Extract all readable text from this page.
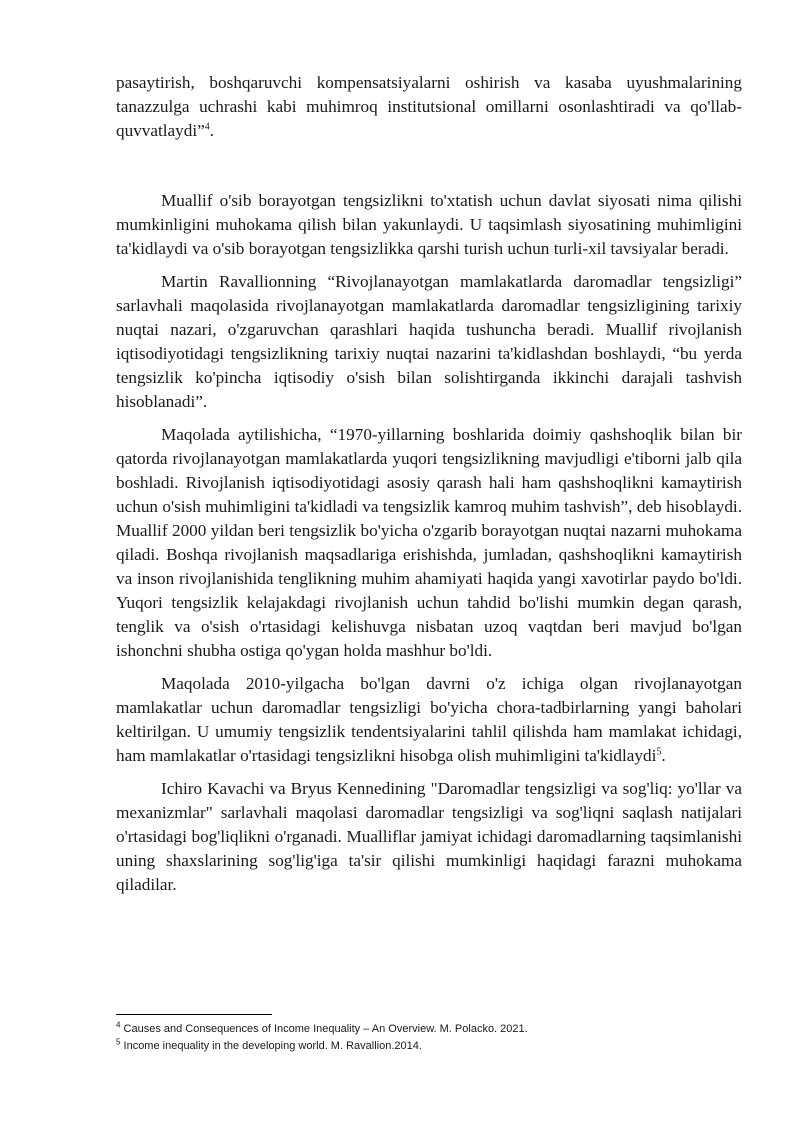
pasaytirish, boshqaruvchi kompensatsiyalarni oshirish va kasaba uyushmalarining tanazzulga uchrashi kabi muhimroq institutsional omillarni osonlashtiradi va qo'llab-quvvatlaydi”$^4$.

Muallif o'sib borayotgan tengsizlikni to'xtatish uchun davlat siyosati nima qilishi mumkinligini muhokama qilish bilan yakunlaydi. U taqsimlash siyosatining muhimligini ta'kidlaydi va o'sib borayotgan tengsizlikka qarshi turish uchun turli-xil tavsiyalar beradi.

Martin Ravallionning “Rivojlanayotgan mamlakatlarda daromadlar tengsizligi” sarlavhali maqolasida rivojlanayotgan mamlakatlarda daromadlar tengsizligining tarixiy nuqtai nazari, o'zgaruvchan qarashlari haqida tushuncha beradi. Muallif rivojlanish iqtisodiyotidagi tengsizlikning tarixiy nuqtai nazarini ta'kidlashdan boshlaydi, “bu yerda tengsizlik ko'pincha iqtisodiy o'sish bilan solishtirganda ikkinchi darajali tashvish hisoblanadi”.

Maqolada aytilishicha, “1970-yillarning boshlarida doimiy qashshoqlik bilan bir qatorda rivojlanayotgan mamlakatlarda yuqori tengsizlikning mavjudligi e'tiborni jalb qila boshladi. Rivojlanish iqtisodiyotidagi asosiy qarash hali ham qashshoqlikni kamaytirish uchun o'sish muhimligini ta'kidladi va tengsizlik kamroq muhim tashvish”, deb hisoblaydi. Muallif 2000 yildan beri tengsizlik bo'yicha o'zgarib borayotgan nuqtai nazarni muhokama qiladi. Boshqa rivojlanish maqsadlariga erishishda, jumladan, qashshoqlikni kamaytirish va inson rivojlanishida tenglikning muhim ahamiyati haqida yangi xavotirlar paydo bo'ldi. Yuqori tengsizlik kelajakdagi rivojlanish uchun tahdid bo'lishi mumkin degan qarash, tenglik va o'sish o'rtasidagi kelishuvga nisbatan uzoq vaqtdan beri mavjud bo'lgan ishonchni shubha ostiga qo'ygan holda mashhur bo'ldi.

Maqolada 2010-yilgacha bo'lgan davrni o'z ichiga olgan rivojlanayotgan mamlakatlar uchun daromadlar tengsizligi bo'yicha chora-tadbirlarning yangi baholari keltirilgan. U umumiy tengsizlik tendentsiyalarini tahlil qilishda ham mamlakat ichidagi, ham mamlakatlar o'rtasidagi tengsizlikni hisobga olish muhimligini ta'kidlaydi$^5$.

Ichiro Kavachi va Bryus Kennedining "Daromadlar tengsizligi va sog'liq: yo'llar va mexanizmlar" sarlavhali maqolasi daromadlar tengsizligi va sog'liqni saqlash natijalari o'rtasidagi bog'liqlikni o'rganadi. Mualliflar jamiyat ichidagi daromadlarning taqsimlanishi uning shaxslarining sog'lig'iga ta'sir qilishi mumkinligi haqidagi farazni muhokama qiladilar.

$^4$ Causes and Consequences of Income Inequality – An Overview. M. Polacko. 2021.

$^5$ Income inequality in the developing world. M. Ravallion.2014.
